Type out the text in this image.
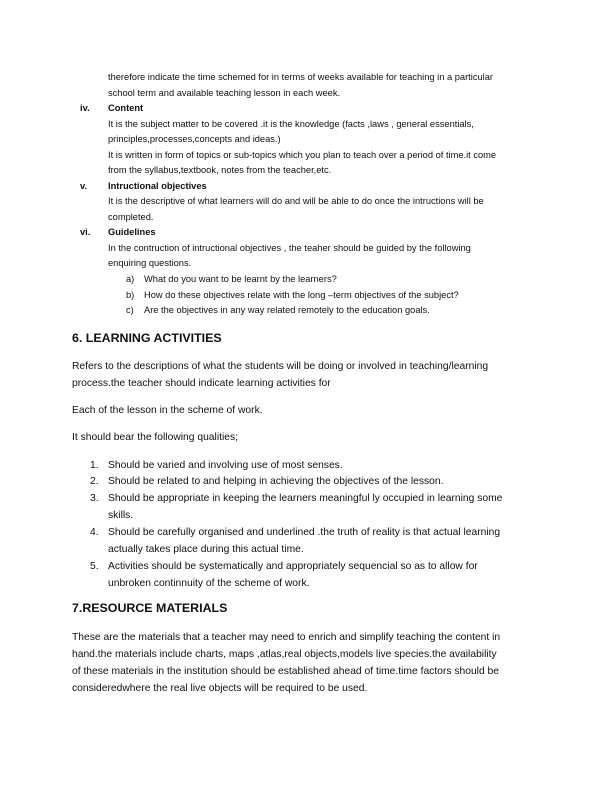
therefore indicate the time schemed for in terms of weeks available for teaching in a particular
school term and available teaching lesson in each week.
iv. Content
It is the subject matter to be covered .it is the knowledge (facts ,laws , general essentials,
principles,processes,concepts and ideas.)
It is written in form of topics or sub-topics which you plan to teach over a period of time.it come
from the syllabus,textbook, notes from the teacher,etc.
v. Intructional objectives
It is the descriptive of what learners will do and will be able to do once the intructions will be
completed.
vi. Guidelines
In the contruction of intructional objectives , the teaher should be guided by the following
enquiring questions.
a) What do you want to be learnt by the learners?
b) How do these objectives relate with the long –term objectives of the subject?
c) Are the objectives in any way related remotely to the education goals.
6. LEARNING ACTIVITIES
Refers to the descriptions of what the students will be doing or involved in teaching/learning
process.the teacher should indicate learning activities for
Each of the lesson in the scheme of work.
It should bear the following qualities;
1. Should be varied and involving use of most senses.
2. Should be related to and helping in achieving the objectives of the lesson.
3. Should be appropriate in keeping the learners meaningful ly occupied in learning some
skills.
4. Should be carefully organised and underlined .the truth of reality is that actual learning
actually takes place during this actual time.
5. Activities should be systematically and appropriately sequencial so as to allow for
unbroken continnuity of the scheme of work.
7.RESOURCE MATERIALS
These are the materials that a teacher may need to enrich and simplify teaching the content in
hand.the materials include charts, maps ,atlas,real objects,models live species.the availability
of these materials in the institution should be established ahead of time.time factors should be
consideredwhere the real live objects will be required to be used.
